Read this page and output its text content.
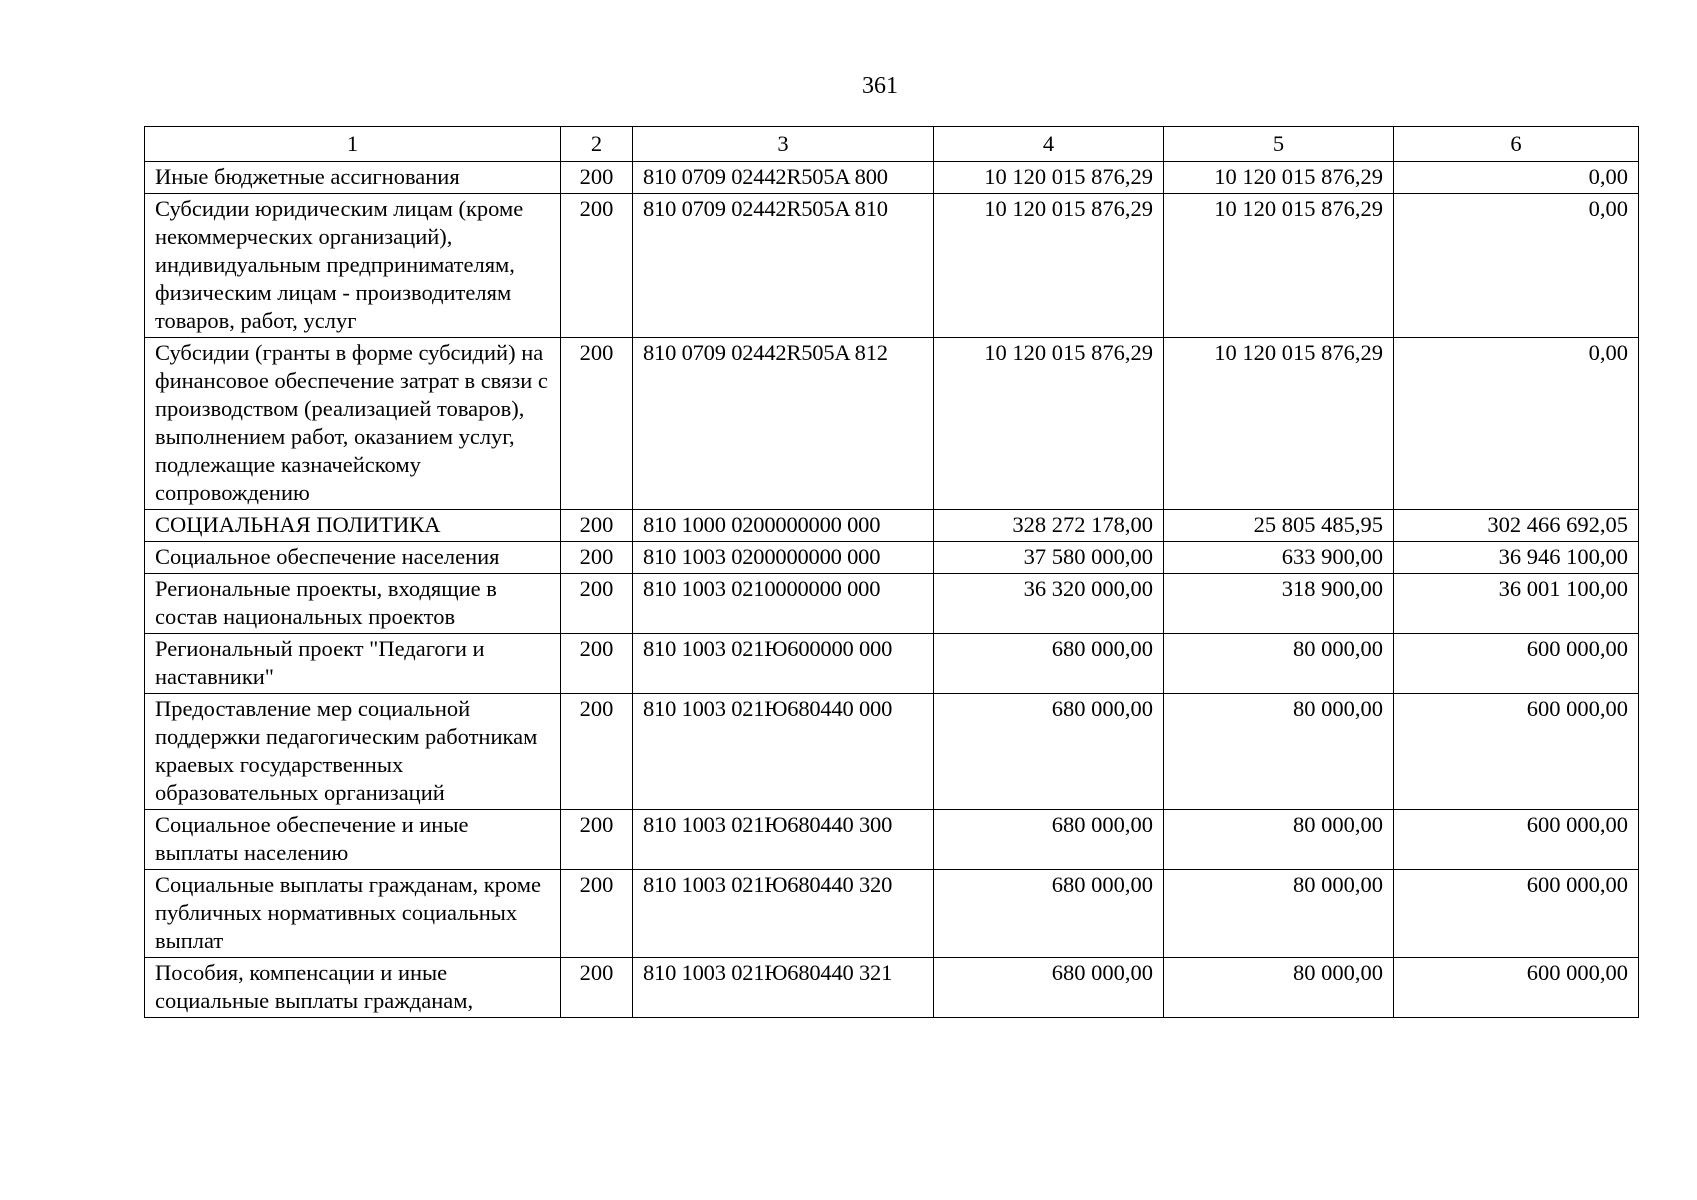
361
1	2	3	4	5	6
Иные бюджетные ассигнования	200	810 0709 02442R505A 800	10 120 015 876,29	10 120 015 876,29	0,00
Субсидии юридическим лицам (кроме некоммерческих организаций), индивидуальным предпринимателям, физическим лицам - производителям товаров, работ, услуг	200	810 0709 02442R505A 810	10 120 015 876,29	10 120 015 876,29	0,00
Субсидии (гранты в форме субсидий) на финансовое обеспечение затрат в связи с производством (реализацией товаров), выполнением работ, оказанием услуг, подлежащие казначейскому сопровождению	200	810 0709 02442R505A 812	10 120 015 876,29	10 120 015 876,29	0,00
СОЦИАЛЬНАЯ ПОЛИТИКА	200	810 1000 0200000000 000	328 272 178,00	25 805 485,95	302 466 692,05
Социальное обеспечение населения	200	810 1003 0200000000 000	37 580 000,00	633 900,00	36 946 100,00
Региональные проекты, входящие в состав национальных проектов	200	810 1003 0210000000 000	36 320 000,00	318 900,00	36 001 100,00
Региональный проект "Педагоги и наставники"	200	810 1003 021Ю600000 000	680 000,00	80 000,00	600 000,00
Предоставление мер социальной поддержки педагогическим работникам краевых государственных образовательных организаций	200	810 1003 021Ю680440 000	680 000,00	80 000,00	600 000,00
Социальное обеспечение и иные выплаты населению	200	810 1003 021Ю680440 300	680 000,00	80 000,00	600 000,00
Социальные выплаты гражданам, кроме публичных нормативных социальных выплат	200	810 1003 021Ю680440 320	680 000,00	80 000,00	600 000,00
Пособия, компенсации и иные социальные выплаты гражданам,	200	810 1003 021Ю680440 321	680 000,00	80 000,00	600 000,00
